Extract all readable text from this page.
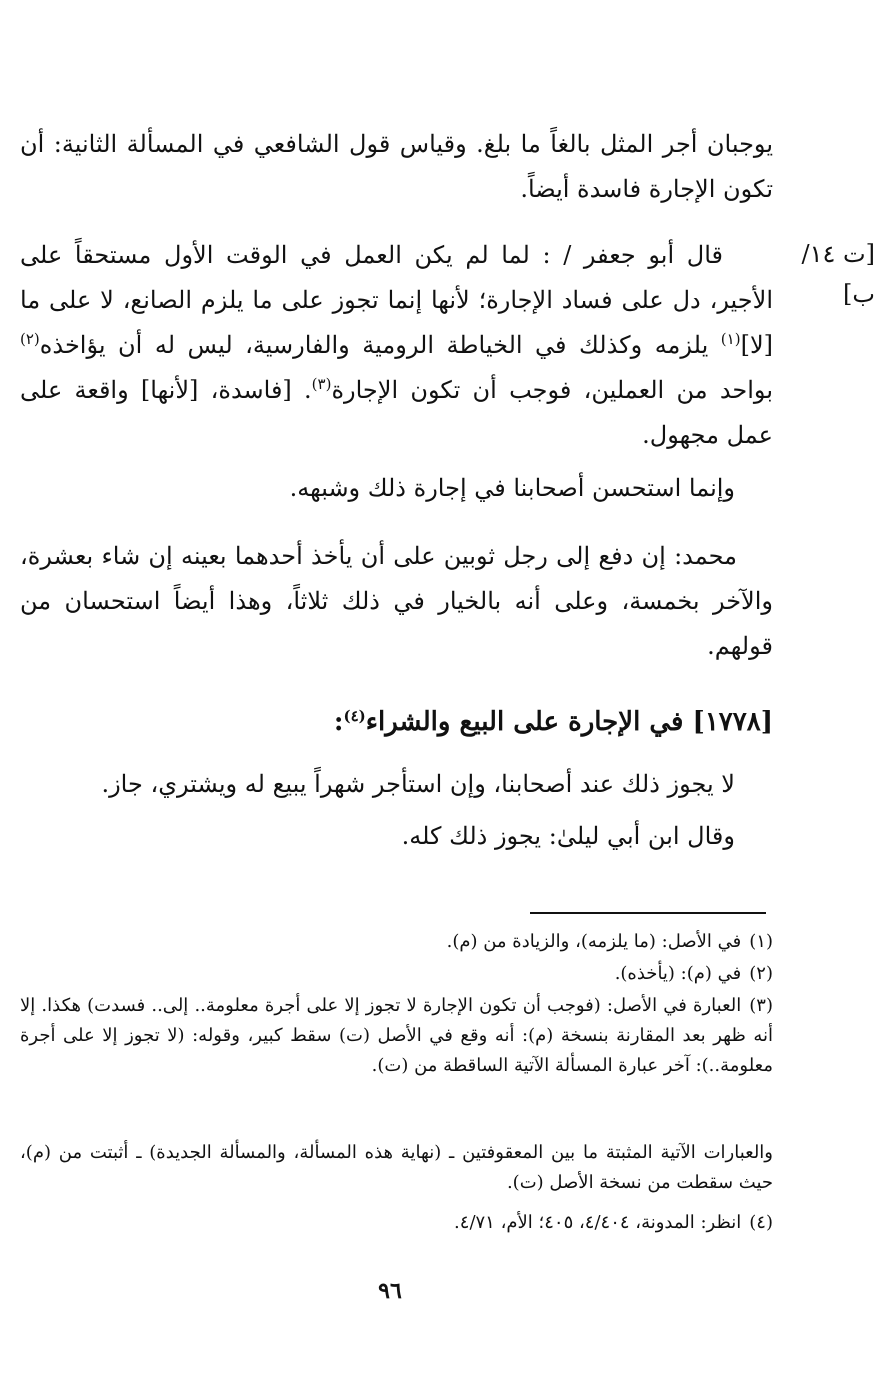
يوجبان أجر المثل بالغاً ما بلغ. وقياس قول الشافعي في المسألة الثانية: أن تكون الإجارة فاسدة أيضاً.

[ت ١٤/ب]

قال أبو جعفر / : لما لم يكن العمل في الوقت الأول مستحقاً على الأجير، دل على فساد الإجارة؛ لأنها إنما تجوز على ما يلزم الصانع، لا على ما [لا]$^{(١)}$ يلزمه وكذلك في الخياطة الرومية والفارسية، ليس له أن يؤاخذه$^{(٢)}$ بواحد من العملين، فوجب أن تكون الإجارة$^{(٣)}$. [فاسدة، [لأنها] واقعة على عمل مجهول.

وإنما استحسن أصحابنا في إجارة ذلك وشبهه.

محمد: إن دفع إلى رجل ثوبين على أن يأخذ أحدهما بعينه إن شاء بعشرة، والآخر بخمسة، وعلى أنه بالخيار في ذلك ثلاثاً، وهذا أيضاً استحسان من قولهم.

[١٧٧٨] في الإجارة على البيع والشراء$^{(٤)}$:

لا يجوز ذلك عند أصحابنا، وإن استأجر شهراً يبيع له ويشتري، جاز.

وقال ابن أبي ليلىٰ: يجوز ذلك كله.

(١)في الأصل: (ما يلزمه)، والزيادة من (م).

(٢)في (م): (يأخذه).

(٣)العبارة في الأصل: (فوجب أن تكون الإجارة لا تجوز إلا على أجرة معلومة.. إلى.. فسدت) هكذا. إلا أنه ظهر بعد المقارنة بنسخة (م): أنه وقع في الأصل (ت) سقط كبير، وقوله: (لا تجوز إلا على أجرة معلومة..): آخر عبارة المسألة الآتية الساقطة من (ت).

والعبارات الآتية المثبتة ما بين المعقوفتين ـ (نهاية هذه المسألة، والمسألة الجديدة) ـ أثبتت من (م)، حيث سقطت من نسخة الأصل (ت).

(٤)انظر: المدونة، ٤/٤٠٤، ٤٠٥؛ الأم، ٤/٧١.

٩٦
